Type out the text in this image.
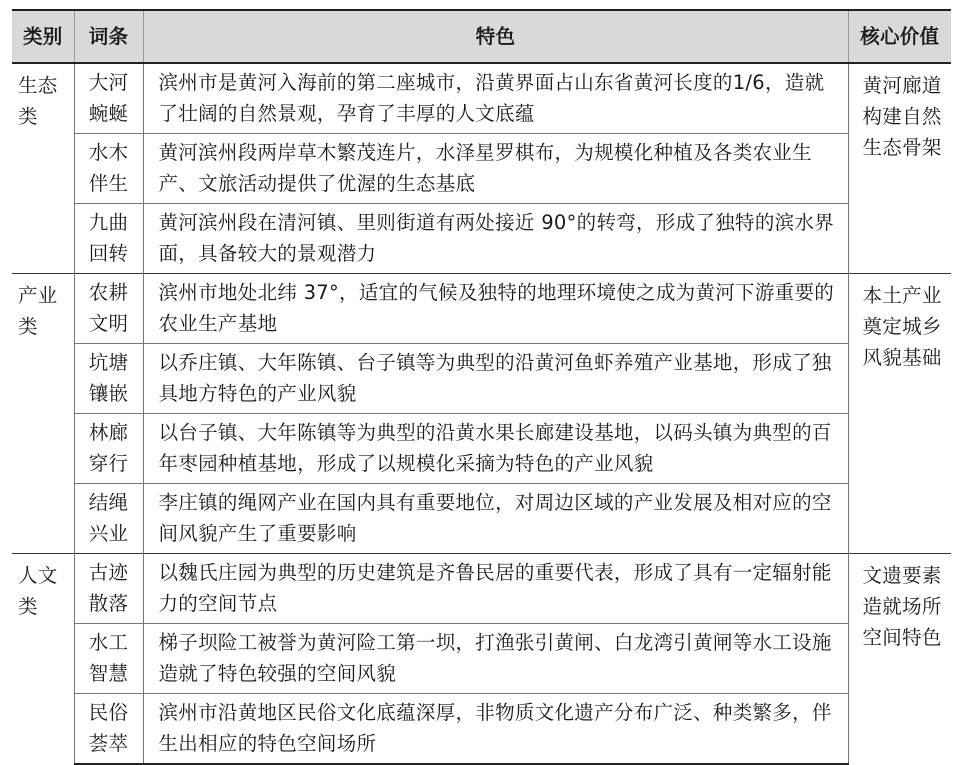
类别	词条	特色	核心价值
生态类	大河蜿蜒	滨州市是黄河入海前的第二座城市，沿黄界面占山东省黄河长度的1/6，造就了壮阔的自然景观，孕育了丰厚的人文底蕴	黄河廊道构建自然生态骨架
	水木伴生	黄河滨州段两岸草木繁茂连片，水泽星罗棋布，为规模化种植及各类农业生产、文旅活动提供了优渥的生态基底	
	九曲回转	黄河滨州段在清河镇、里则街道有两处接近 90°的转弯，形成了独特的滨水界面，具备较大的景观潜力	
产业类	农耕文明	滨州市地处北纬 37°，适宜的气候及独特的地理环境使之成为黄河下游重要的农业生产基地	本土产业奠定城乡风貌基础
	坑塘镶嵌	以乔庄镇、大年陈镇、台子镇等为典型的沿黄河鱼虾养殖产业基地，形成了独具地方特色的产业风貌	
	林廊穿行	以台子镇、大年陈镇等为典型的沿黄水果长廊建设基地，以码头镇为典型的百年枣园种植基地，形成了以规模化采摘为特色的产业风貌	
	结绳兴业	李庄镇的绳网产业在国内具有重要地位，对周边区域的产业发展及相对应的空间风貌产生了重要影响	
人文类	古迹散落	以魏氏庄园为典型的历史建筑是齐鲁民居的重要代表，形成了具有一定辐射能力的空间节点	文遗要素造就场所空间特色
	水工智慧	梯子坝险工被誉为黄河险工第一坝，打渔张引黄闸、白龙湾引黄闸等水工设施造就了特色较强的空间风貌	
	民俗荟萃	滨州市沿黄地区民俗文化底蕴深厚，非物质文化遗产分布广泛、种类繁多，伴生出相应的特色空间场所	
